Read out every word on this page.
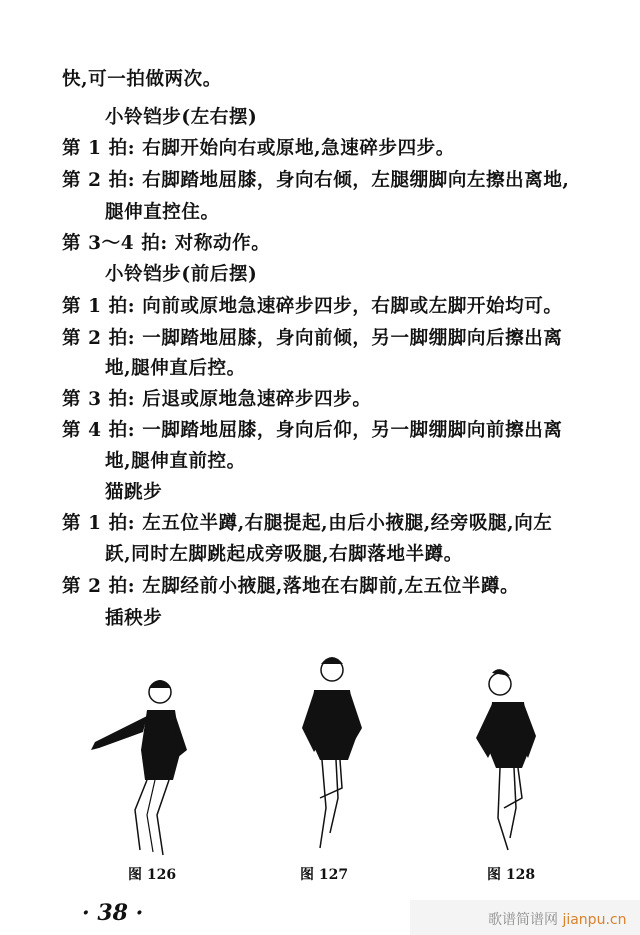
快,可一拍做两次。
小铃铛步(左右摆)
第 1 拍: 右脚开始向右或原地,急速碎步四步。
第 2 拍: 右脚踏地屈膝，身向右倾，左腿绷脚向左擦出离地,
腿伸直控住。
第 3～4 拍: 对称动作。
小铃铛步(前后摆)
第 1 拍: 向前或原地急速碎步四步，右脚或左脚开始均可。
第 2 拍: 一脚踏地屈膝，身向前倾，另一脚绷脚向后擦出离
地,腿伸直后控。
第 3 拍: 后退或原地急速碎步四步。
第 4 拍: 一脚踏地屈膝，身向后仰，另一脚绷脚向前擦出离
地,腿伸直前控。
猫跳步
第 1 拍: 左五位半蹲,右腿提起,由后小掖腿,经旁吸腿,向左
跃,同时左脚跳起成旁吸腿,右脚落地半蹲。
第 2 拍: 左脚经前小掖腿,落地在右脚前,左五位半蹲。
插秧步
图 126	图 127	图 128
· 38 ·	歌谱简谱网 jianpu.cn
